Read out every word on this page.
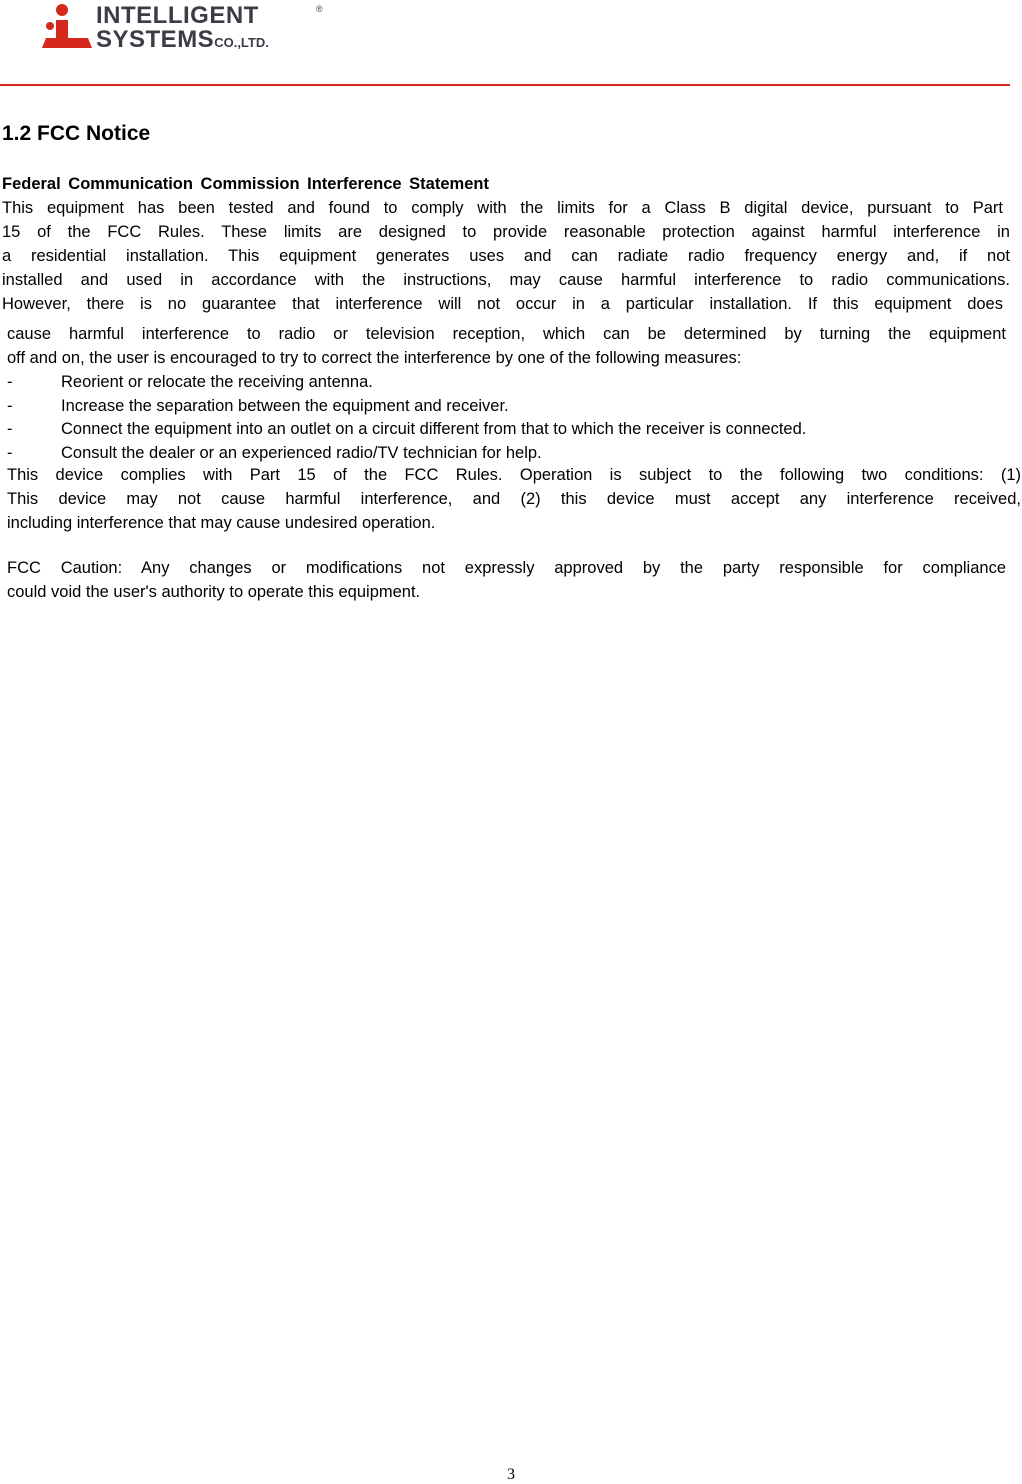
INTELLIGENT
SYSTEMSCO.,LTD.
®
1.2 FCC Notice
Federal Communication Commission Interference Statement
This equipment has been tested and found to comply with the limits for a Class B digital device, pursuant to Part
15 of the FCC Rules. These limits are designed to provide reasonable protection against harmful interference in
a residential installation. This equipment generates uses and can radiate radio frequency energy and, if not
installed and used in accordance with the instructions, may cause harmful interference to radio communications.
However, there is no guarantee that interference will not occur in a particular installation. If this equipment does
cause harmful interference to radio or television reception, which can be determined by turning the equipment
off and on, the user is encouraged to try to correct the interference by one of the following measures:
-	Reorient or relocate the receiving antenna.
-	Increase the separation between the equipment and receiver.
-	Connect the equipment into an outlet on a circuit different from that to which the receiver is connected.
-	Consult the dealer or an experienced radio/TV technician for help.
This device complies with Part 15 of the FCC Rules. Operation is subject to the following two conditions: (1)
This device may not cause harmful interference, and (2) this device must accept any interference received,
including interference that may cause undesired operation.
FCC Caution: Any changes or modifications not expressly approved by the party responsible for compliance
could void the user's authority to operate this equipment.
3
